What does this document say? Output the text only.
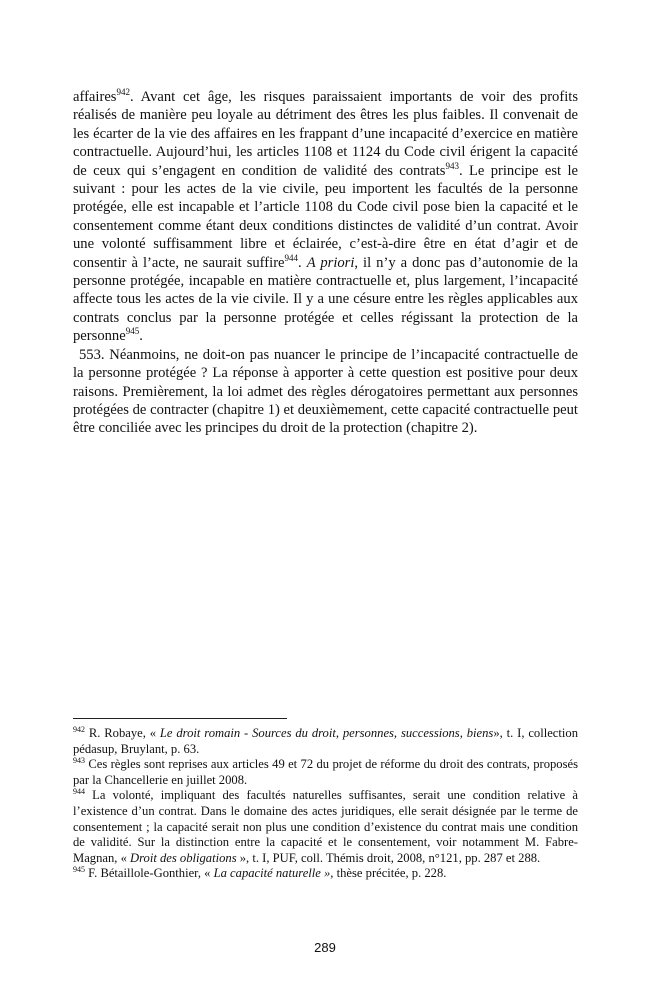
affaires$^{942}$. Avant cet âge, les risques paraissaient importants de voir des profits réalisés de manière peu loyale au détriment des êtres les plus faibles. Il convenait de les écarter de la vie des affaires en les frappant d’une incapacité d’exercice en matière contractuelle. Aujourd’hui, les articles 1108 et 1124 du Code civil érigent la capacité de ceux qui s’engagent en condition de validité des contrats$^{943}$. Le principe est le suivant : pour les actes de la vie civile, peu importent les facultés de la personne protégée, elle est incapable et l’article 1108 du Code civil pose bien la capacité et le consentement comme étant deux conditions distinctes de validité d’un contrat. Avoir une volonté suffisamment libre et éclairée, c’est-à-dire être en état d’agir et de consentir à l’acte, ne saurait suffire$^{944}$. A priori, il n’y a donc pas d’autonomie de la personne protégée, incapable en matière contractuelle et, plus largement, l’incapacité affecte tous les actes de la vie civile. Il y a une césure entre les règles applicables aux contrats conclus par la personne protégée et celles régissant la protection de la personne$^{945}$.

553. Néanmoins, ne doit-on pas nuancer le principe de l’incapacité contractuelle de la personne protégée ? La réponse à apporter à cette question est positive pour deux raisons. Premièrement, la loi admet des règles dérogatoires permettant aux personnes protégées de contracter (chapitre 1) et deuxièmement, cette capacité contractuelle peut être conciliée avec les principes du droit de la protection (chapitre 2).

$^{942}$ R. Robaye, « Le droit romain - Sources du droit, personnes, successions, biens», t. I, collection pédasup, Bruylant, p. 63.

$^{943}$ Ces règles sont reprises aux articles 49 et 72 du projet de réforme du droit des contrats, proposés par la Chancellerie en juillet 2008.

$^{944}$ La volonté, impliquant des facultés naturelles suffisantes, serait une condition relative à l’existence d’un contrat. Dans le domaine des actes juridiques, elle serait désignée par le terme de consentement ; la capacité serait non plus une condition d’existence du contrat mais une condition de validité. Sur la distinction entre la capacité et le consentement, voir notamment M. Fabre-Magnan, « Droit des obligations », t. I, PUF, coll. Thémis droit, 2008, n°121, pp. 287 et 288.

$^{945}$ F. Bétaillole-Gonthier, « La capacité naturelle », thèse précitée, p. 228.

289
